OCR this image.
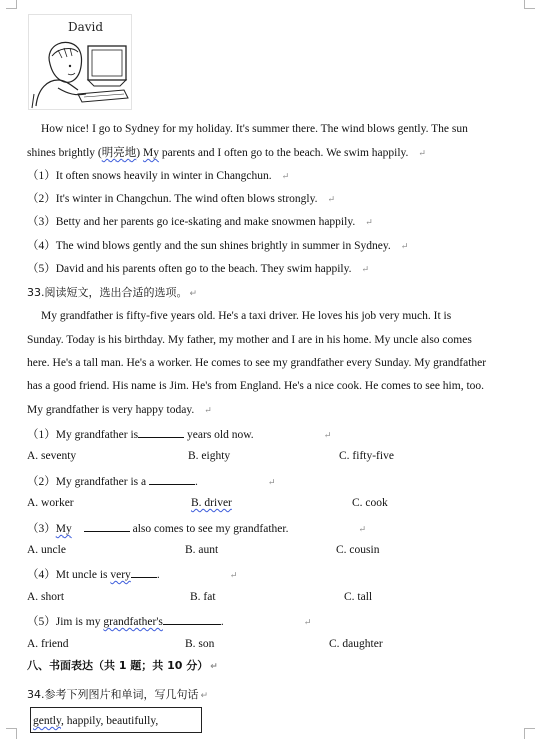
David
How nice! I go to Sydney for my holiday. It's summer there. The wind blows gently. The sun
shines brightly (明亮地) My parents and I often go to the beach. We swim happily. ↵
（1）It often snows heavily in winter in Changchun. ↵
（2）It's winter in Changchun. The wind often blows strongly. ↵
（3）Betty and her parents go ice-skating and make snowmen happily. ↵
（4）The wind blows gently and the sun shines brightly in summer in Sydney. ↵
（5）David and his parents often go to the beach. They swim happily. ↵
33.阅读短文，选出合适的选项。 ↵
My grandfather is fifty-five years old. He's a taxi driver. He loves his job very much. It is
Sunday. Today is his birthday. My father, my mother and I are in his home. My uncle also comes
here. He's a tall man. He's a worker. He comes to see my grandfather every Sunday. My grandfather
has a good friend. His name is Jim. He's from England. He's a nice cook. He comes to see him, too.
My grandfather is very happy today. ↵
（1）My grandfather is	years old now.	↵
A. seventy	B. eighty	C. fifty-five
（2）My grandfather is a	.	↵
A. worker	B. driver	C. cook
（3）My	also comes to see my grandfather.	↵
A. uncle	B. aunt	C. cousin
（4）Mt uncle is very .	↵
A. short	B. fat	C. tall
（5）Jim is my grandfather's	.	↵
A. friend	B. son	C. daughter
八、书面表达（共 1 题；共 10 分） ↵
34.参考下列图片和单词，写几句话 ↵
gently, happily, beautifully,
